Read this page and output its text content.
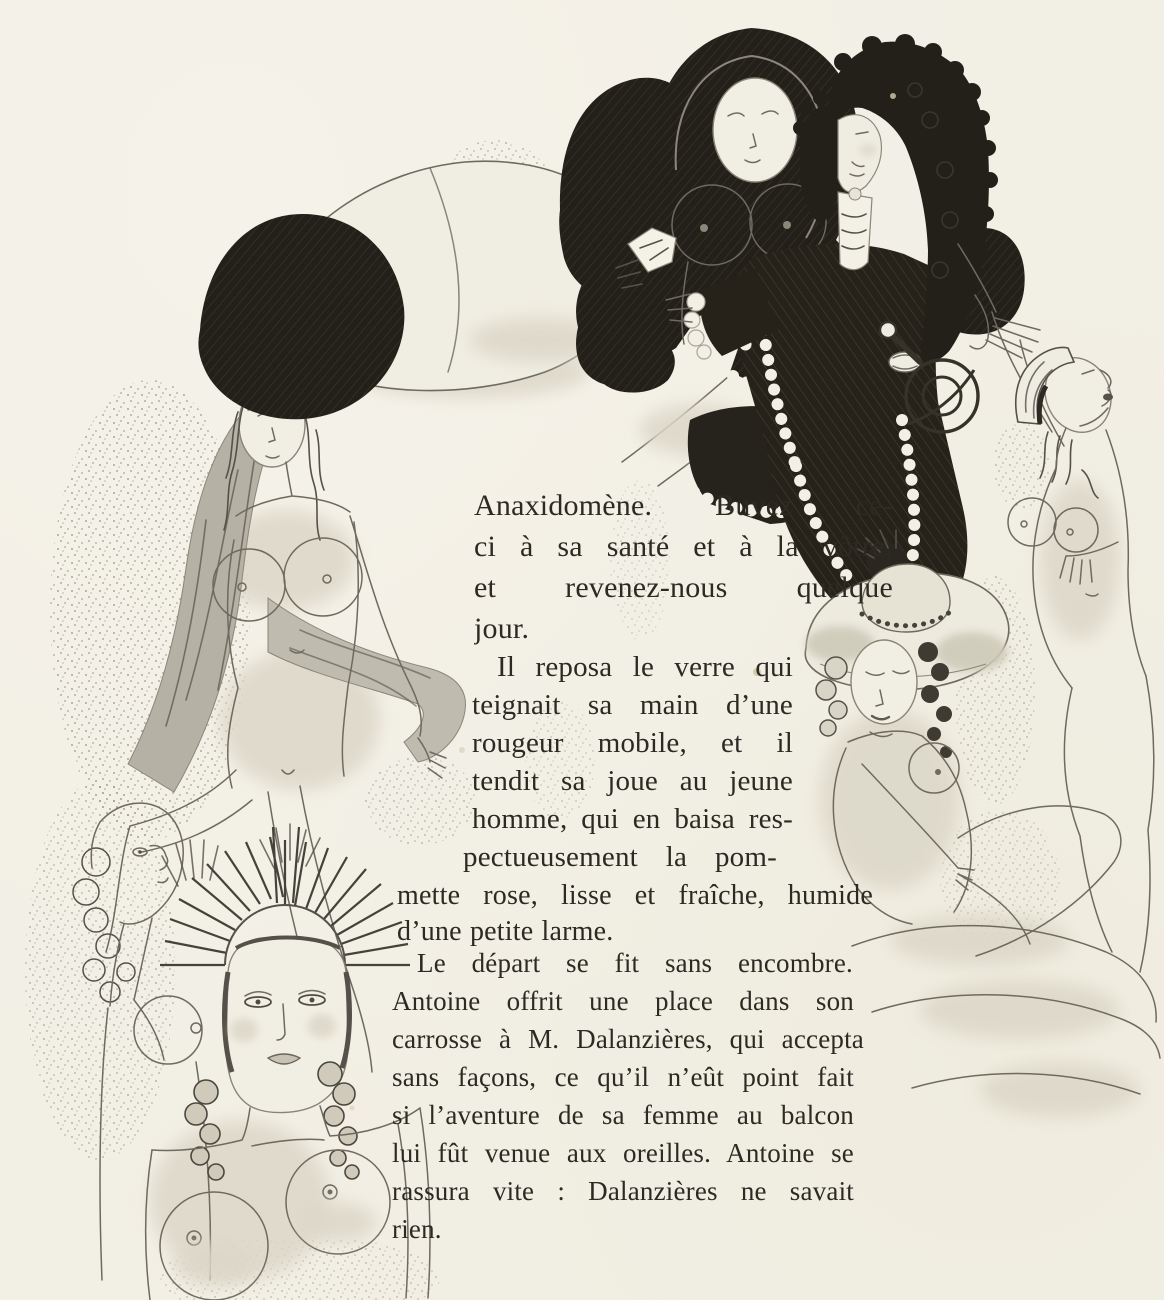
Anaxidomène. Buvez ce-
ci à sa santé et à la vôtre,
et revenez-nous quelque
jour.
Il reposa le verre qui
teignait sa main d’une
rougeur mobile, et il
tendit sa joue au jeune
homme, qui en baisa res-
pectueusement la pom-
mette rose, lisse et fraîche, humide
d’une petite larme.
Le départ se fit sans encombre.
Antoine offrit une place dans son
carrosse à M. Dalanzières, qui accepta
sans façons, ce qu’il n’eût point fait
si l’aventure de sa femme au balcon
lui fût venue aux oreilles. Antoine se
rassura vite : Dalanzières ne savait
rien.
